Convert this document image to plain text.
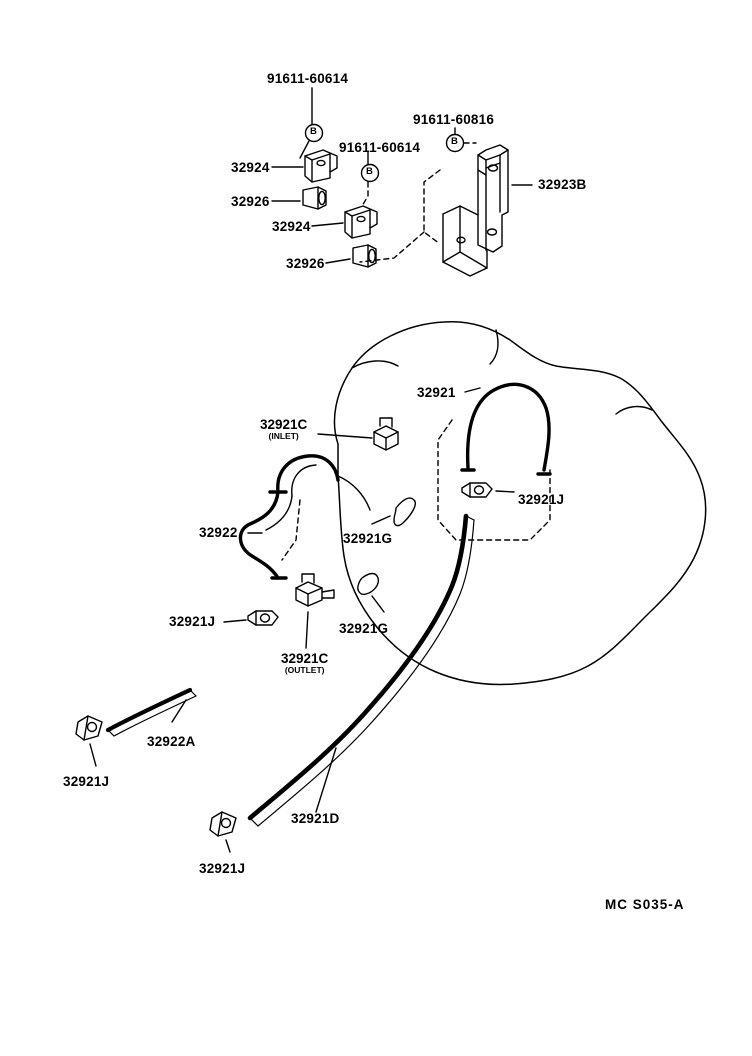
91611-60614
91611-60816
32924
91611-60614
32923B
32926
32924
32926
32921
32921C
(INLET)
32921J
32922	32921G
32921J
32921C
(OUTLET)
32921G
32922A
32921J
32921D
32921J
B
B
B
MC S035-A
